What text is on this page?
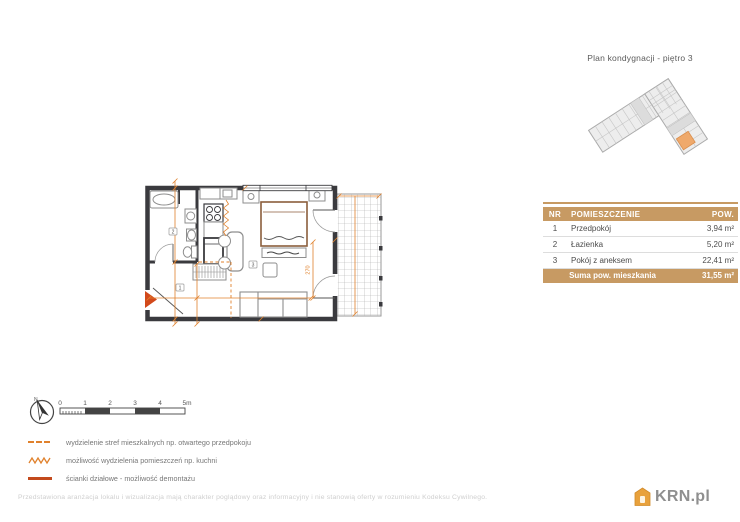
Plan kondygnacji - piętro 3
NR	POMIESZCZENIE	POW.
1	Przedpokój	3,94 m²
2	Łazienka	5,20 m²
3	Pokój z aneksem	22,41 m²
Suma pow. mieszkania		31,55 m²
270
1
2
3
N	0	1	2	3	4	5m
wydzielenie stref mieszkalnych np. otwartego przedpokoju
możliwość wydzielenia pomieszczeń np. kuchni
ścianki działowe - możliwość demontażu
Przedstawiona aranżacja lokalu i wizualizacja mają charakter poglądowy oraz informacyjny i nie stanowią oferty w rozumieniu Kodeksu Cywilnego.	KRN.pl
